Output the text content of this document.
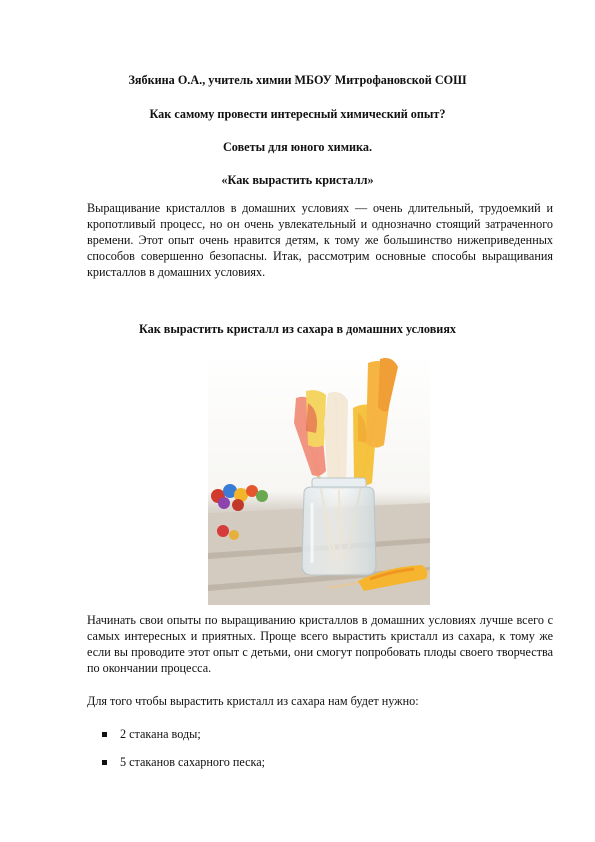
Зябкина О.А., учитель химии МБОУ Митрофановской СОШ
Как самому провести интересный химический опыт?
Советы для юного химика.
«Как вырастить кристалл»

Выращивание кристаллов в домашних условиях — очень длительный, трудоемкий и кропотливый процесс, но он очень увлекательный и однозначно стоящий затраченного времени. Этот опыт очень нравится детям, к тому же большинство нижеприведенных способов совершенно безопасны. Итак, рассмотрим основные способы выращивания кристаллов в домашних условиях.

Как вырастить кристалл из сахара в домашних условиях

Начинать свои опыты по выращиванию кристаллов в домашних условиях лучше всего с самых интересных и приятных. Проще всего вырастить кристалл из сахара, к тому же если вы проводите этот опыт с детьми, они смогут попробовать плоды своего творчества по окончании процесса.

Для того чтобы вырастить кристалл из сахара нам будет нужно:

2 стакана воды;
5 стаканов сахарного песка;
